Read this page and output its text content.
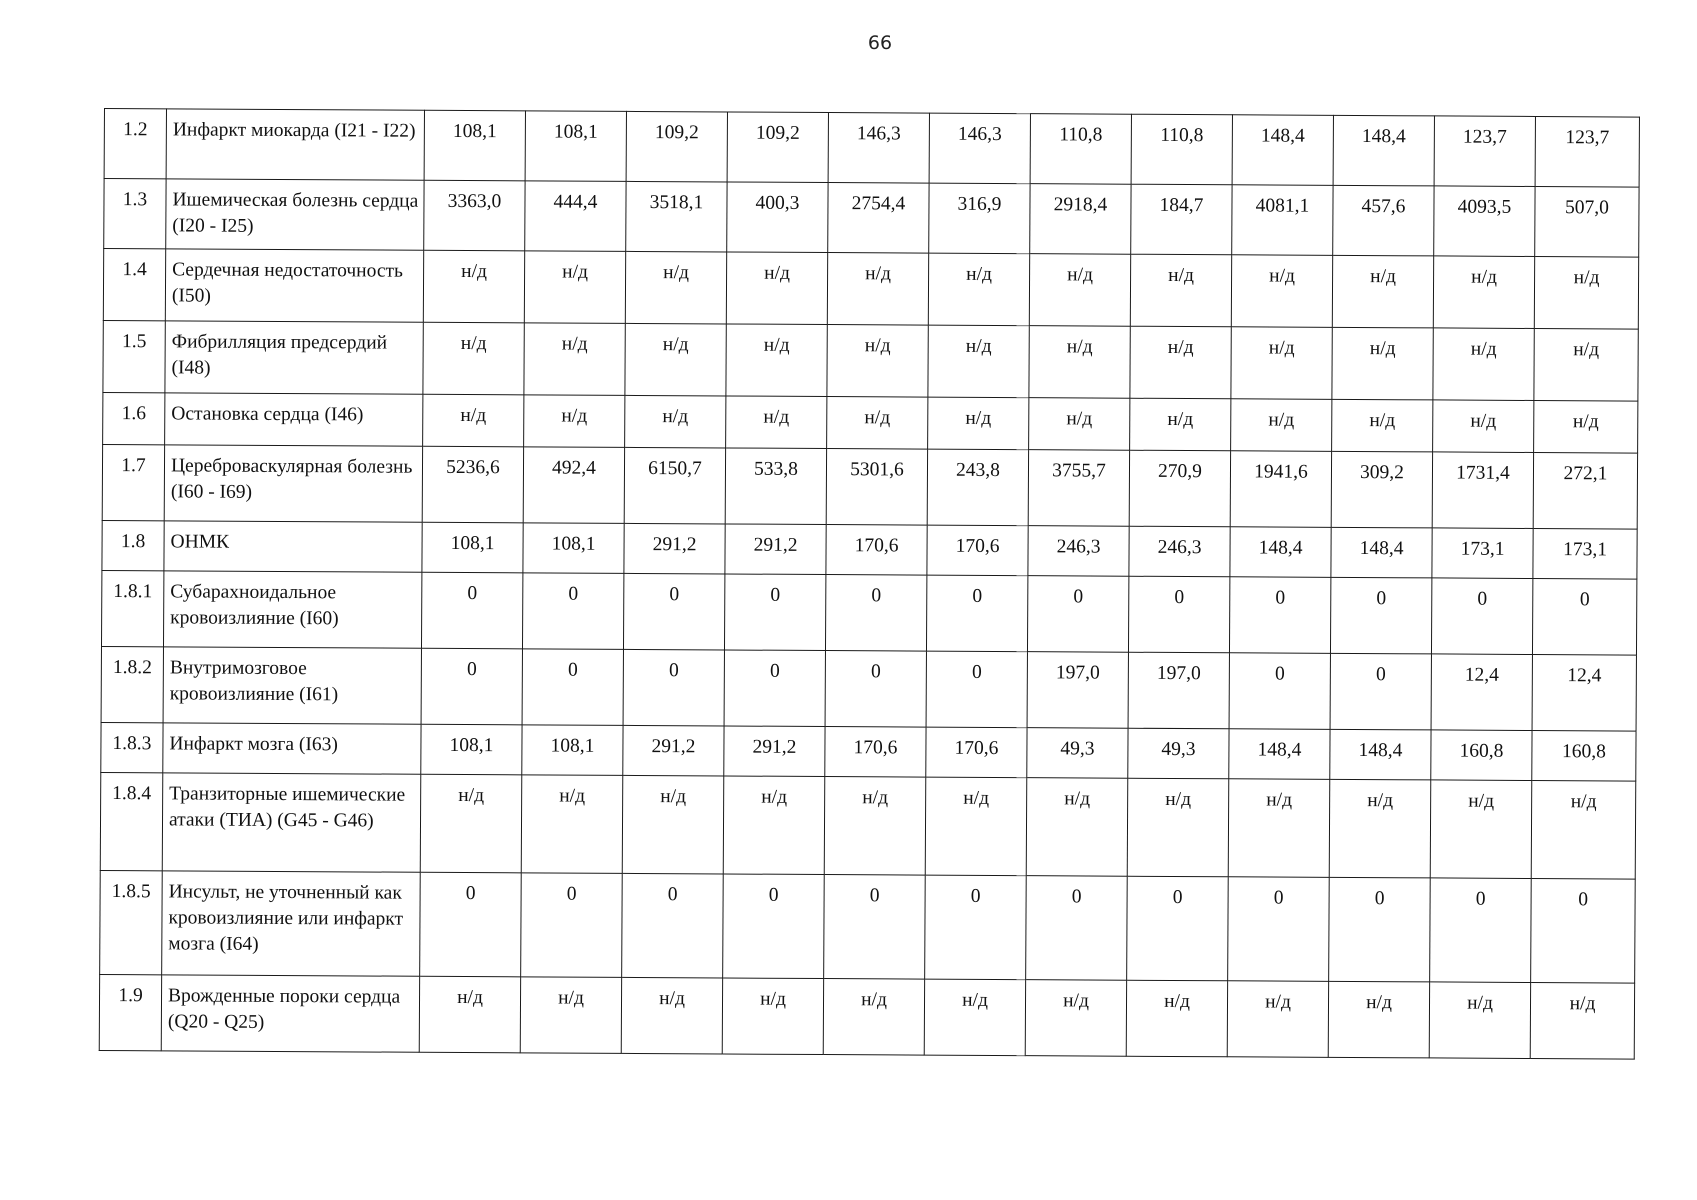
66
1.2	Инфаркт миокарда (I21 - I22)	108,1	108,1	109,2	109,2	146,3	146,3	110,8	110,8	148,4	148,4	123,7	123,7
1.3	Ишемическая болезнь сердца (I20 - I25)	3363,0	444,4	3518,1	400,3	2754,4	316,9	2918,4	184,7	4081,1	457,6	4093,5	507,0
1.4	Сердечная недостаточность (I50)	н/д	н/д	н/д	н/д	н/д	н/д	н/д	н/д	н/д	н/д	н/д	н/д
1.5	Фибрилляция предсердий (I48)	н/д	н/д	н/д	н/д	н/д	н/д	н/д	н/д	н/д	н/д	н/д	н/д
1.6	Остановка сердца (I46)	н/д	н/д	н/д	н/д	н/д	н/д	н/д	н/д	н/д	н/д	н/д	н/д
1.7	Цереброваскулярная болезнь (I60 - I69)	5236,6	492,4	6150,7	533,8	5301,6	243,8	3755,7	270,9	1941,6	309,2	1731,4	272,1
1.8	ОНМК	108,1	108,1	291,2	291,2	170,6	170,6	246,3	246,3	148,4	148,4	173,1	173,1
1.8.1	Субарахноидальное кровоизлияние (I60)	0	0	0	0	0	0	0	0	0	0	0	0
1.8.2	Внутримозговое кровоизлияние (I61)	0	0	0	0	0	0	197,0	197,0	0	0	12,4	12,4
1.8.3	Инфаркт мозга (I63)	108,1	108,1	291,2	291,2	170,6	170,6	49,3	49,3	148,4	148,4	160,8	160,8
1.8.4	Транзиторные ишемические атаки (ТИА) (G45 - G46)	н/д	н/д	н/д	н/д	н/д	н/д	н/д	н/д	н/д	н/д	н/д	н/д
1.8.5	Инсульт, не уточненный как кровоизлияние или инфаркт мозга (I64)	0	0	0	0	0	0	0	0	0	0	0	0
1.9	Врожденные пороки сердца (Q20 - Q25)	н/д	н/д	н/д	н/д	н/д	н/д	н/д	н/д	н/д	н/д	н/д	н/д
